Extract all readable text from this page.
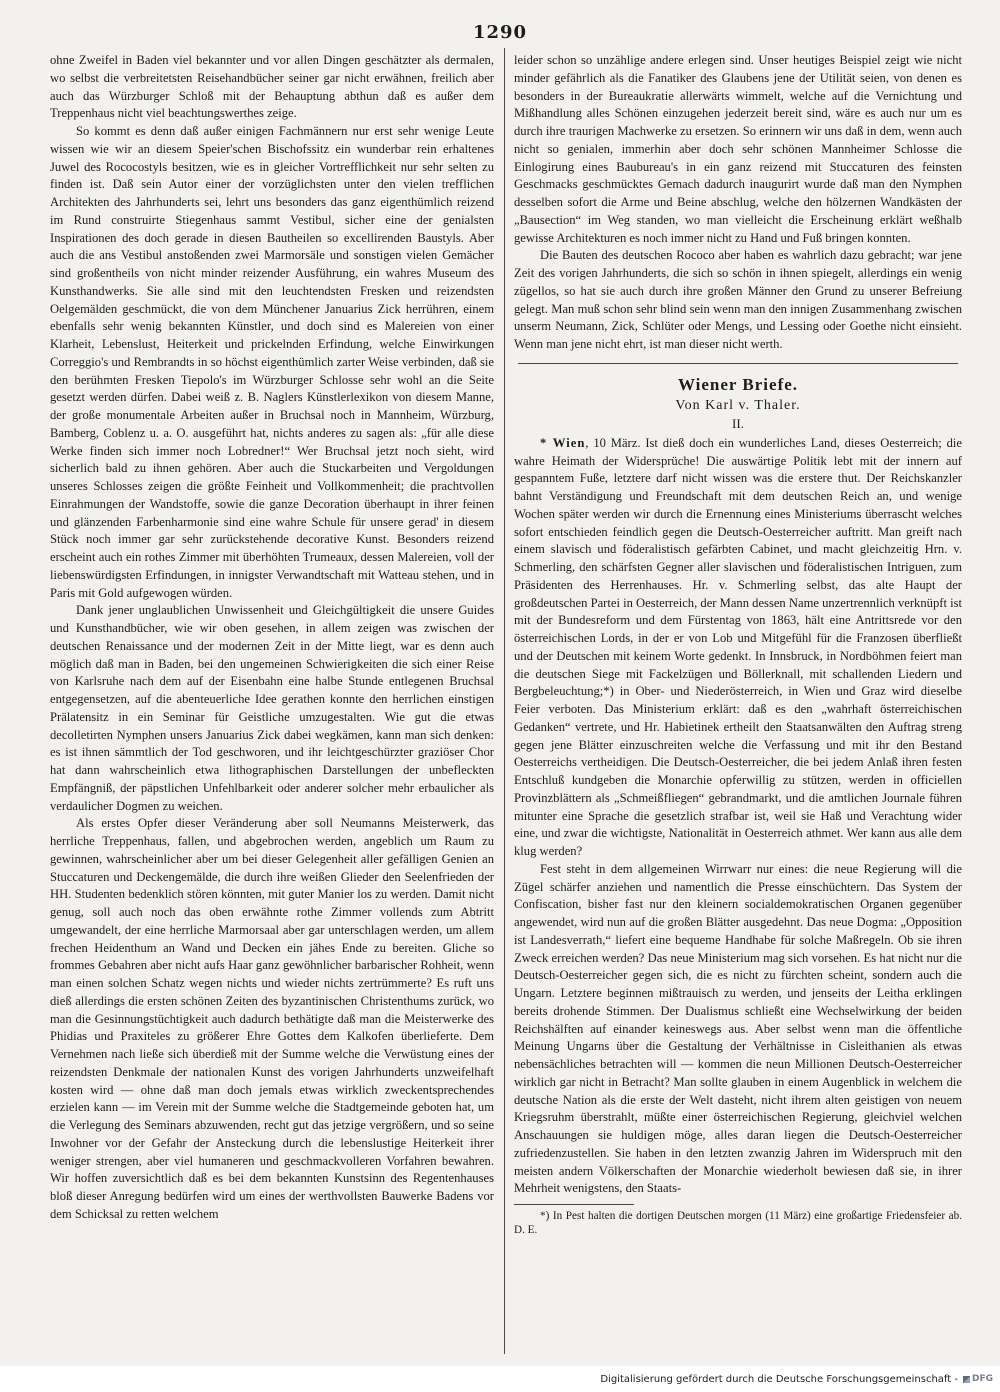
1290

ohne Zweifel in Baden viel bekannter und vor allen Dingen geschätzter als dermalen, wo selbst die verbreitetsten Reisehandbücher seiner gar nicht erwähnen, freilich aber auch das Würzburger Schloß mit der Behauptung abthun daß es außer dem Treppenhaus nicht viel beachtungswerthes zeige.

So kommt es denn daß außer einigen Fachmännern nur erst sehr wenige Leute wissen wie wir an diesem Speier'schen Bischofssitz ein wunderbar rein erhaltenes Juwel des Rococostyls besitzen, wie es in gleicher Vortrefflichkeit nur sehr selten zu finden ist. Daß sein Autor einer der vorzüglichsten unter den vielen trefflichen Architekten des Jahrhunderts sei, lehrt uns besonders das ganz eigenthümlich reizend im Rund construirte Stiegenhaus sammt Vestibul, sicher eine der genialsten Inspirationen des doch gerade in diesen Bautheilen so excellirenden Baustyls. Aber auch die ans Vestibul anstoßenden zwei Marmorsäle und sonstigen vielen Gemächer sind großentheils von nicht minder reizender Ausführung, ein wahres Museum des Kunsthandwerks. Sie alle sind mit den leuchtendsten Fresken und reizendsten Oelgemälden geschmückt, die von dem Münchener Januarius Zick herrühren, einem ebenfalls sehr wenig bekannten Künstler, und doch sind es Malereien von einer Klarheit, Lebenslust, Heiterkeit und prickelnden Erfindung, welche Einwirkungen Correggio's und Rembrandts in so höchst eigenthümlich zarter Weise verbinden, daß sie den berühmten Fresken Tiepolo's im Würzburger Schlosse sehr wohl an die Seite gesetzt werden dürfen. Dabei weiß z. B. Naglers Künstlerlexikon von diesem Manne, der große monumentale Arbeiten außer in Bruchsal noch in Mannheim, Würzburg, Bamberg, Coblenz u. a. O. ausgeführt hat, nichts anderes zu sagen als: „für alle diese Werke finden sich immer noch Lobredner!“ Wer Bruchsal jetzt noch sieht, wird sicherlich bald zu ihnen gehören. Aber auch die Stuckarbeiten und Vergoldungen unseres Schlosses zeigen die größte Feinheit und Vollkommenheit; die prachtvollen Einrahmungen der Wandstoffe, sowie die ganze Decoration überhaupt in ihrer feinen und glänzenden Farbenharmonie sind eine wahre Schule für unsere gerad' in diesem Stück noch immer gar sehr zurückstehende decorative Kunst. Besonders reizend erscheint auch ein rothes Zimmer mit überhöhten Trumeaux, dessen Malereien, voll der liebenswürdigsten Erfindungen, in innigster Verwandtschaft mit Watteau stehen, und in Paris mit Gold aufgewogen würden.

Dank jener unglaublichen Unwissenheit und Gleichgültigkeit die unsere Guides und Kunsthandbücher, wie wir oben gesehen, in allem zeigen was zwischen der deutschen Renaissance und der modernen Zeit in der Mitte liegt, war es denn auch möglich daß man in Baden, bei den ungemeinen Schwierigkeiten die sich einer Reise von Karlsruhe nach dem auf der Eisenbahn eine halbe Stunde entlegenen Bruchsal entgegensetzen, auf die abenteuerliche Idee gerathen konnte den herrlichen einstigen Prälatensitz in ein Seminar für Geistliche umzugestalten. Wie gut die etwas decolletirten Nymphen unsers Januarius Zick dabei wegkämen, kann man sich denken: es ist ihnen sämmtlich der Tod geschworen, und ihr leichtgeschürzter graziöser Chor hat dann wahrscheinlich etwa lithographischen Darstellungen der unbefleckten Empfängniß, der päpstlichen Unfehlbarkeit oder anderer solcher mehr erbaulicher als verdaulicher Dogmen zu weichen.

Als erstes Opfer dieser Veränderung aber soll Neumanns Meisterwerk, das herrliche Treppenhaus, fallen, und abgebrochen werden, angeblich um Raum zu gewinnen, wahrscheinlicher aber um bei dieser Gelegenheit aller gefälligen Genien an Stuccaturen und Deckengemälde, die durch ihre weißen Glieder den Seelenfrieden der HH. Studenten bedenklich stören könnten, mit guter Manier los zu werden. Damit nicht genug, soll auch noch das oben erwähnte rothe Zimmer vollends zum Abtritt umgewandelt, der eine herrliche Marmorsaal aber gar unterschlagen werden, um allem frechen Heidenthum an Wand und Decken ein jähes Ende zu bereiten. Gliche so frommes Gebahren aber nicht aufs Haar ganz gewöhnlicher barbarischer Rohheit, wenn man einen solchen Schatz wegen nichts und wieder nichts zertrümmerte? Es ruft uns dieß allerdings die ersten schönen Zeiten des byzantinischen Christenthums zurück, wo man die Gesinnungstüchtigkeit auch dadurch bethätigte daß man die Meisterwerke des Phidias und Praxiteles zu größerer Ehre Gottes dem Kalkofen überlieferte. Dem Vernehmen nach ließe sich überdieß mit der Summe welche die Verwüstung eines der reizendsten Denkmale der nationalen Kunst des vorigen Jahrhunderts unzweifelhaft kosten wird — ohne daß man doch jemals etwas wirklich zweckentsprechendes erzielen kann — im Verein mit der Summe welche die Stadtgemeinde geboten hat, um die Verlegung des Seminars abzuwenden, recht gut das jetzige vergrößern, und so seine Inwohner vor der Gefahr der Ansteckung durch die lebenslustige Heiterkeit ihrer weniger strengen, aber viel humaneren und geschmackvolleren Vorfahren bewahren. Wir hoffen zuversichtlich daß es bei dem bekannten Kunstsinn des Regentenhauses bloß dieser Anregung bedürfen wird um eines der werthvollsten Bauwerke Badens vor dem Schicksal zu retten welchem

leider schon so unzählige andere erlegen sind. Unser heutiges Beispiel zeigt wie nicht minder gefährlich als die Fanatiker des Glaubens jene der Utilität seien, von denen es besonders in der Bureaukratie allerwärts wimmelt, welche auf die Vernichtung und Mißhandlung alles Schönen einzugehen jederzeit bereit sind, wäre es auch nur um es durch ihre traurigen Machwerke zu ersetzen. So erinnern wir uns daß in dem, wenn auch nicht so genialen, immerhin aber doch sehr schönen Mannheimer Schlosse die Einlogirung eines Baubureau's in ein ganz reizend mit Stuccaturen des feinsten Geschmacks geschmücktes Gemach dadurch inaugurirt wurde daß man den Nymphen desselben sofort die Arme und Beine abschlug, welche den hölzernen Wandkästen der „Bausection“ im Weg standen, wo man vielleicht die Erscheinung erklärt weßhalb gewisse Architekturen es noch immer nicht zu Hand und Fuß bringen konnten.

Die Bauten des deutschen Rococo aber haben es wahrlich dazu gebracht; war jene Zeit des vorigen Jahrhunderts, die sich so schön in ihnen spiegelt, allerdings ein wenig zügellos, so hat sie auch durch ihre großen Männer den Grund zu unserer Befreiung gelegt. Man muß schon sehr blind sein wenn man den innigen Zusammenhang zwischen unserm Neumann, Zick, Schlüter oder Mengs, und Lessing oder Goethe nicht einsieht. Wenn man jene nicht ehrt, ist man dieser nicht werth.

Wiener Briefe.
Von Karl v. Thaler.
II.

* Wien, 10 März. Ist dieß doch ein wunderliches Land, dieses Oesterreich; die wahre Heimath der Widersprüche! Die auswärtige Politik lebt mit der innern auf gespanntem Fuße, letztere darf nicht wissen was die erstere thut. Der Reichskanzler bahnt Verständigung und Freundschaft mit dem deutschen Reich an, und wenige Wochen später werden wir durch die Ernennung eines Ministeriums überrascht welches sofort entschieden feindlich gegen die Deutsch-Oesterreicher auftritt. Man greift nach einem slavisch und föderalistisch gefärbten Cabinet, und macht gleichzeitig Hrn. v. Schmerling, den schärfsten Gegner aller slavischen und föderalistischen Intriguen, zum Präsidenten des Herrenhauses. Hr. v. Schmerling selbst, das alte Haupt der großdeutschen Partei in Oesterreich, der Mann dessen Name unzertrennlich verknüpft ist mit der Bundesreform und dem Fürstentag von 1863, hält eine Antrittsrede vor den österreichischen Lords, in der er von Lob und Mitgefühl für die Franzosen überfließt und der Deutschen mit keinem Worte gedenkt. In Innsbruck, in Nordböhmen feiert man die deutschen Siege mit Fackelzügen und Böllerknall, mit schallenden Liedern und Bergbeleuchtung;*) in Ober- und Niederösterreich, in Wien und Graz wird dieselbe Feier verboten. Das Ministerium erklärt: daß es den „wahrhaft österreichischen Gedanken“ vertrete, und Hr. Habietinek ertheilt den Staatsanwälten den Auftrag streng gegen jene Blätter einzuschreiten welche die Verfassung und mit ihr den Bestand Oesterreichs vertheidigen. Die Deutsch-Oesterreicher, die bei jedem Anlaß ihren festen Entschluß kundgeben die Monarchie opferwillig zu stützen, werden in officiellen Provinzblättern als „Schmeißfliegen“ gebrandmarkt, und die amtlichen Journale führen mitunter eine Sprache die gesetzlich strafbar ist, weil sie Haß und Verachtung wider eine, und zwar die wichtigste, Nationalität in Oesterreich athmet. Wer kann aus alle dem klug werden?

Fest steht in dem allgemeinen Wirrwarr nur eines: die neue Regierung will die Zügel schärfer anziehen und namentlich die Presse einschüchtern. Das System der Confiscation, bisher fast nur den kleinern socialdemokratischen Organen gegenüber angewendet, wird nun auf die großen Blätter ausgedehnt. Das neue Dogma: „Opposition ist Landesverrath,“ liefert eine bequeme Handhabe für solche Maßregeln. Ob sie ihren Zweck erreichen werden? Das neue Ministerium mag sich vorsehen. Es hat nicht nur die Deutsch-Oesterreicher gegen sich, die es nicht zu fürchten scheint, sondern auch die Ungarn. Letztere beginnen mißtrauisch zu werden, und jenseits der Leitha erklingen bereits drohende Stimmen. Der Dualismus schließt eine Wechselwirkung der beiden Reichshälften auf einander keineswegs aus. Aber selbst wenn man die öffentliche Meinung Ungarns über die Gestaltung der Verhältnisse in Cisleithanien als etwas nebensächliches betrachten will — kommen die neun Millionen Deutsch-Oesterreicher wirklich gar nicht in Betracht? Man sollte glauben in einem Augenblick in welchem die deutsche Nation als die erste der Welt dasteht, nicht ihrem alten geistigen von neuem Kriegsruhm überstrahlt, müßte einer österreichischen Regierung, gleichviel welchen Anschauungen sie huldigen möge, alles daran liegen die Deutsch-Oesterreicher zufriedenzustellen. Sie haben in den letzten zwanzig Jahren im Widerspruch mit den meisten andern Völkerschaften der Monarchie wiederholt bewiesen daß sie, in ihrer Mehrheit wenigstens, den Staats-

*) In Pest halten die dortigen Deutschen morgen (11 März) eine großartige Friedensfeier ab. D. E.

Digitalisierung gefördert durch die Deutsche Forschungsgemeinschaft -	DFG
